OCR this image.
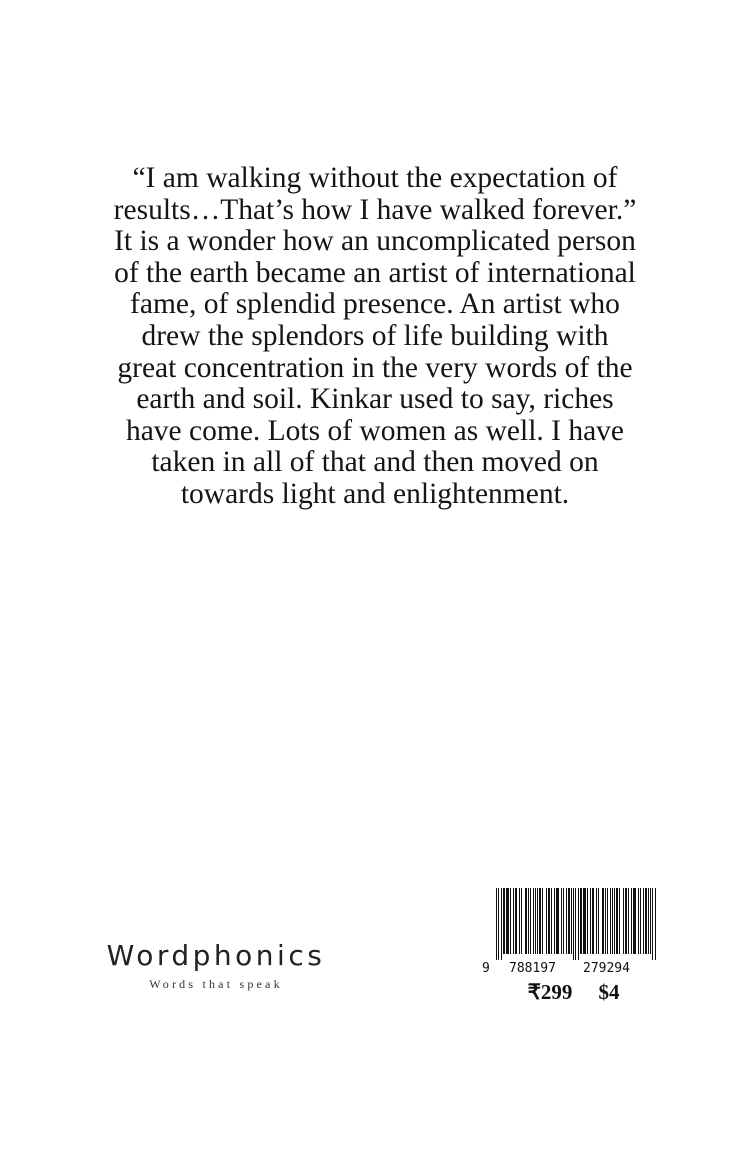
“I am walking without the expectation of
results…That’s how I have walked forever.”
It is a wonder how an uncomplicated person
of the earth became an artist of international
fame, of splendid presence. An artist who
drew the splendors of life building with
great concentration in the very words of the
earth and soil. Kinkar used to say, riches
have come. Lots of women as well. I have
taken in all of that and then moved on
towards light and enlightenment.
Wordphonics
Words that speak
9 788197 279294
₹299 $4
